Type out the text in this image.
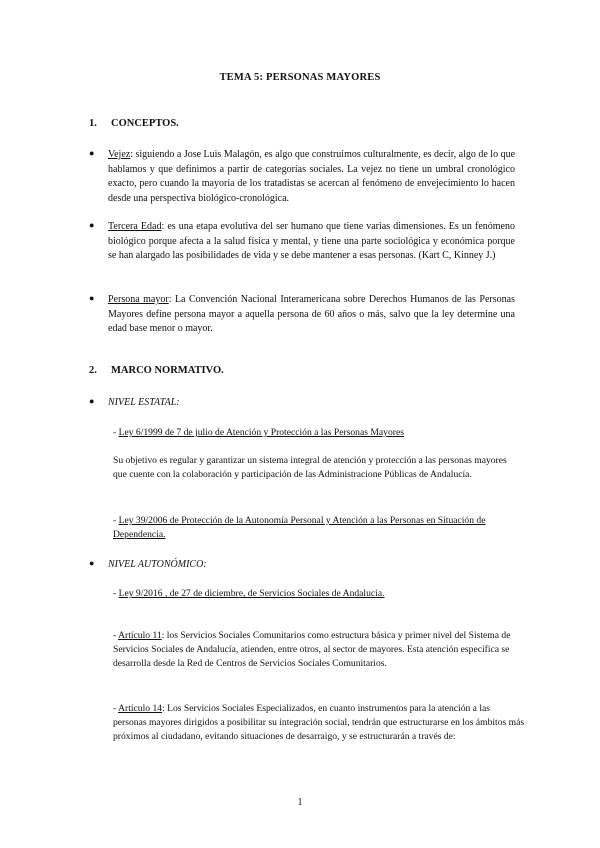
TEMA 5: PERSONAS MAYORES
1. CONCEPTOS.
● Vejez: siguiendo a Jose Luis Malagón, es algo que construimos culturalmente, es decir, algo de lo que hablamos y que definimos a partir de categorías sociales. La vejez no tiene un umbral cronológico exacto, pero cuando la mayoría de los tratadistas se acercan al fenómeno de envejecimiento lo hacen desde una perspectiva biológico-cronológica.
● Tercera Edad: es una etapa evolutiva del ser humano que tiene varias dimensiones. Es un fenómeno biológico porque afecta a la salud física y mental, y tiene una parte sociológica y económica porque se han alargado las posibilidades de vida y se debe mantener a esas personas. (Kart C, Kinney J.)
● Persona mayor: La Convención Nacional Interamericana sobre Derechos Humanos de las Personas Mayores define persona mayor a aquella persona de 60 años o más, salvo que la ley determine una edad base menor o mayor.
2. MARCO NORMATIVO.
● NIVEL ESTATAL:
- Ley 6/1999 de 7 de julio de Atención y Protección a las Personas Mayores
Su objetivo es regular y garantizar un sistema integral de atención y protección a las personas mayores que cuente con la colaboración y participación de las Administracione Públicas de Andalucía.
- Ley 39/2006 de Protección de la Autonomía Personal y Atención a las Personas en Situación de Dependencia.
● NIVEL AUTONÓMICO:
- Ley 9/2016 , de 27 de diciembre, de Servicios Sociales de Andalucía.
- Artículo 11: los Servicios Sociales Comunitarios como estructura básica y primer nivel del Sistema de Servicios Sociales de Andalucía, atienden, entre otros, al sector de mayores. Esta atención específica se desarrolla desde la Red de Centros de Servicios Sociales Comunitarios.
- Artículo 14: Los Servicios Sociales Especializados, en cuanto instrumentos para la atención a las personas mayores dirigidos a posibilitar su integración social, tendrán que estructurarse en los ámbitos más próximos al ciudadano, evitando situaciones de desarraigo, y se estructurarán a través de:
1
